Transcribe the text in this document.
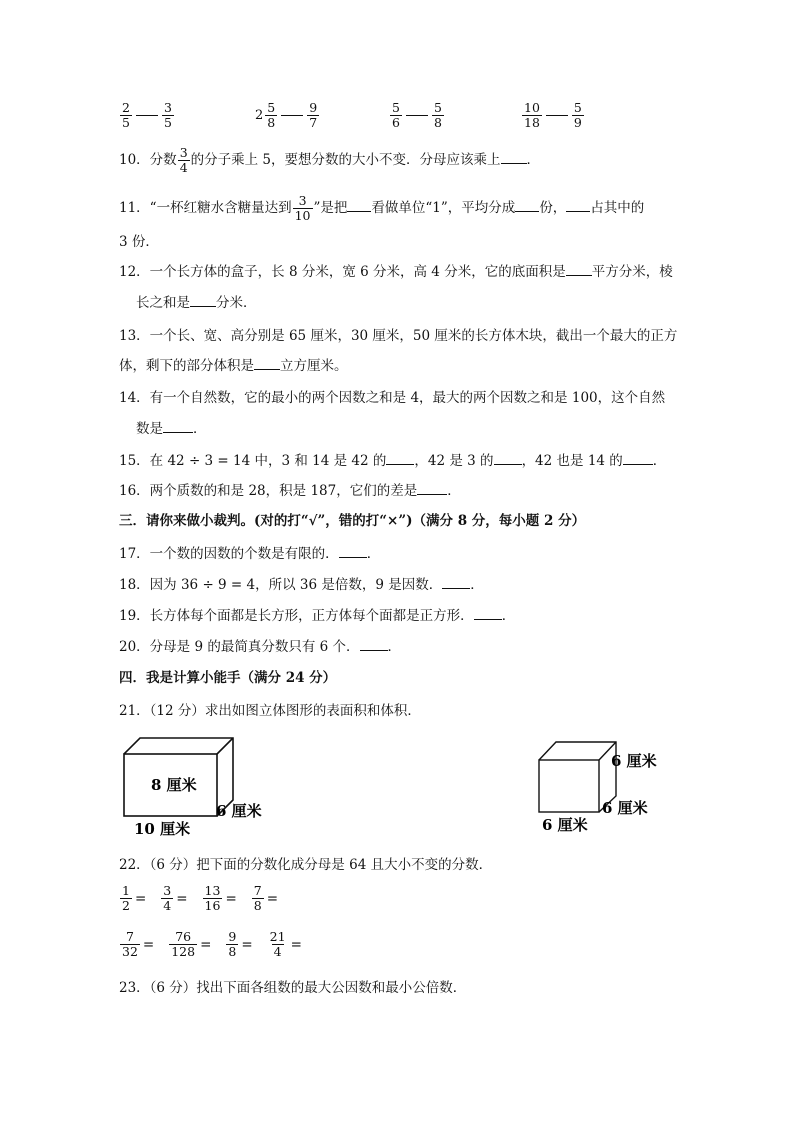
$\frac{2}{5} \frac{3}{5}$	$2 \frac{5}{8} \frac{9}{7}$	$\frac{5}{6} \frac{5}{8}$	$\frac{10}{18} \frac{5}{9}$
10．分数 $\frac{3}{4}$ 的分子乘上 5，要想分数的大小不变．分母应该乘上 ．
11．“一杯红糖水含糖量达到 $\frac{3}{10}$ ”是把 看做单位“1”，平均分成 份， 占其中的
3 份．
12．一个长方体的盒子，长 8 分米，宽 6 分米，高 4 分米，它的底面积是 平方分米，棱
长之和是 分米．
13．一个长、宽、高分别是 65 厘米，30 厘米，50 厘米的长方体木块，截出一个最大的正方
体，剩下的部分体积是 立方厘米。
14．有一个自然数，它的最小的两个因数之和是 4，最大的两个因数之和是 100，这个自然
数是 ．
15．在 42 ÷ 3 = 14 中，3 和 14 是 42 的 ，42 是 3 的 ，42 也是 14 的 ．
16．两个质数的和是 28，积是 187，它们的差是 ．
三．请你来做小裁判。(对的打“√”，错的打“×”)（满分 8 分，每小题 2 分）
17．一个数的因数的个数是有限的． ．
18．因为 36 ÷ 9 = 4，所以 36 是倍数，9 是因数． ．
19．长方体每个面都是长方形，正方体每个面都是正方形． ．
20．分母是 9 的最简真分数只有 6 个． ．
四．我是计算小能手（满分 24 分）
21．（12 分）求出如图立体图形的表面积和体积．
8 厘米
6 厘米
10 厘米
6 厘米
6 厘米
6 厘米
22．（6 分）把下面的分数化成分母是 64 且大小不变的分数．
$\frac{1}{2} = \frac{3}{4} = \frac{13}{16} = \frac{7}{8}$ =
$\frac{7}{32} = \frac{76}{128} = \frac{9}{8} = \frac{21}{4}$ =
23．（6 分）找出下面各组数的最大公因数和最小公倍数．
